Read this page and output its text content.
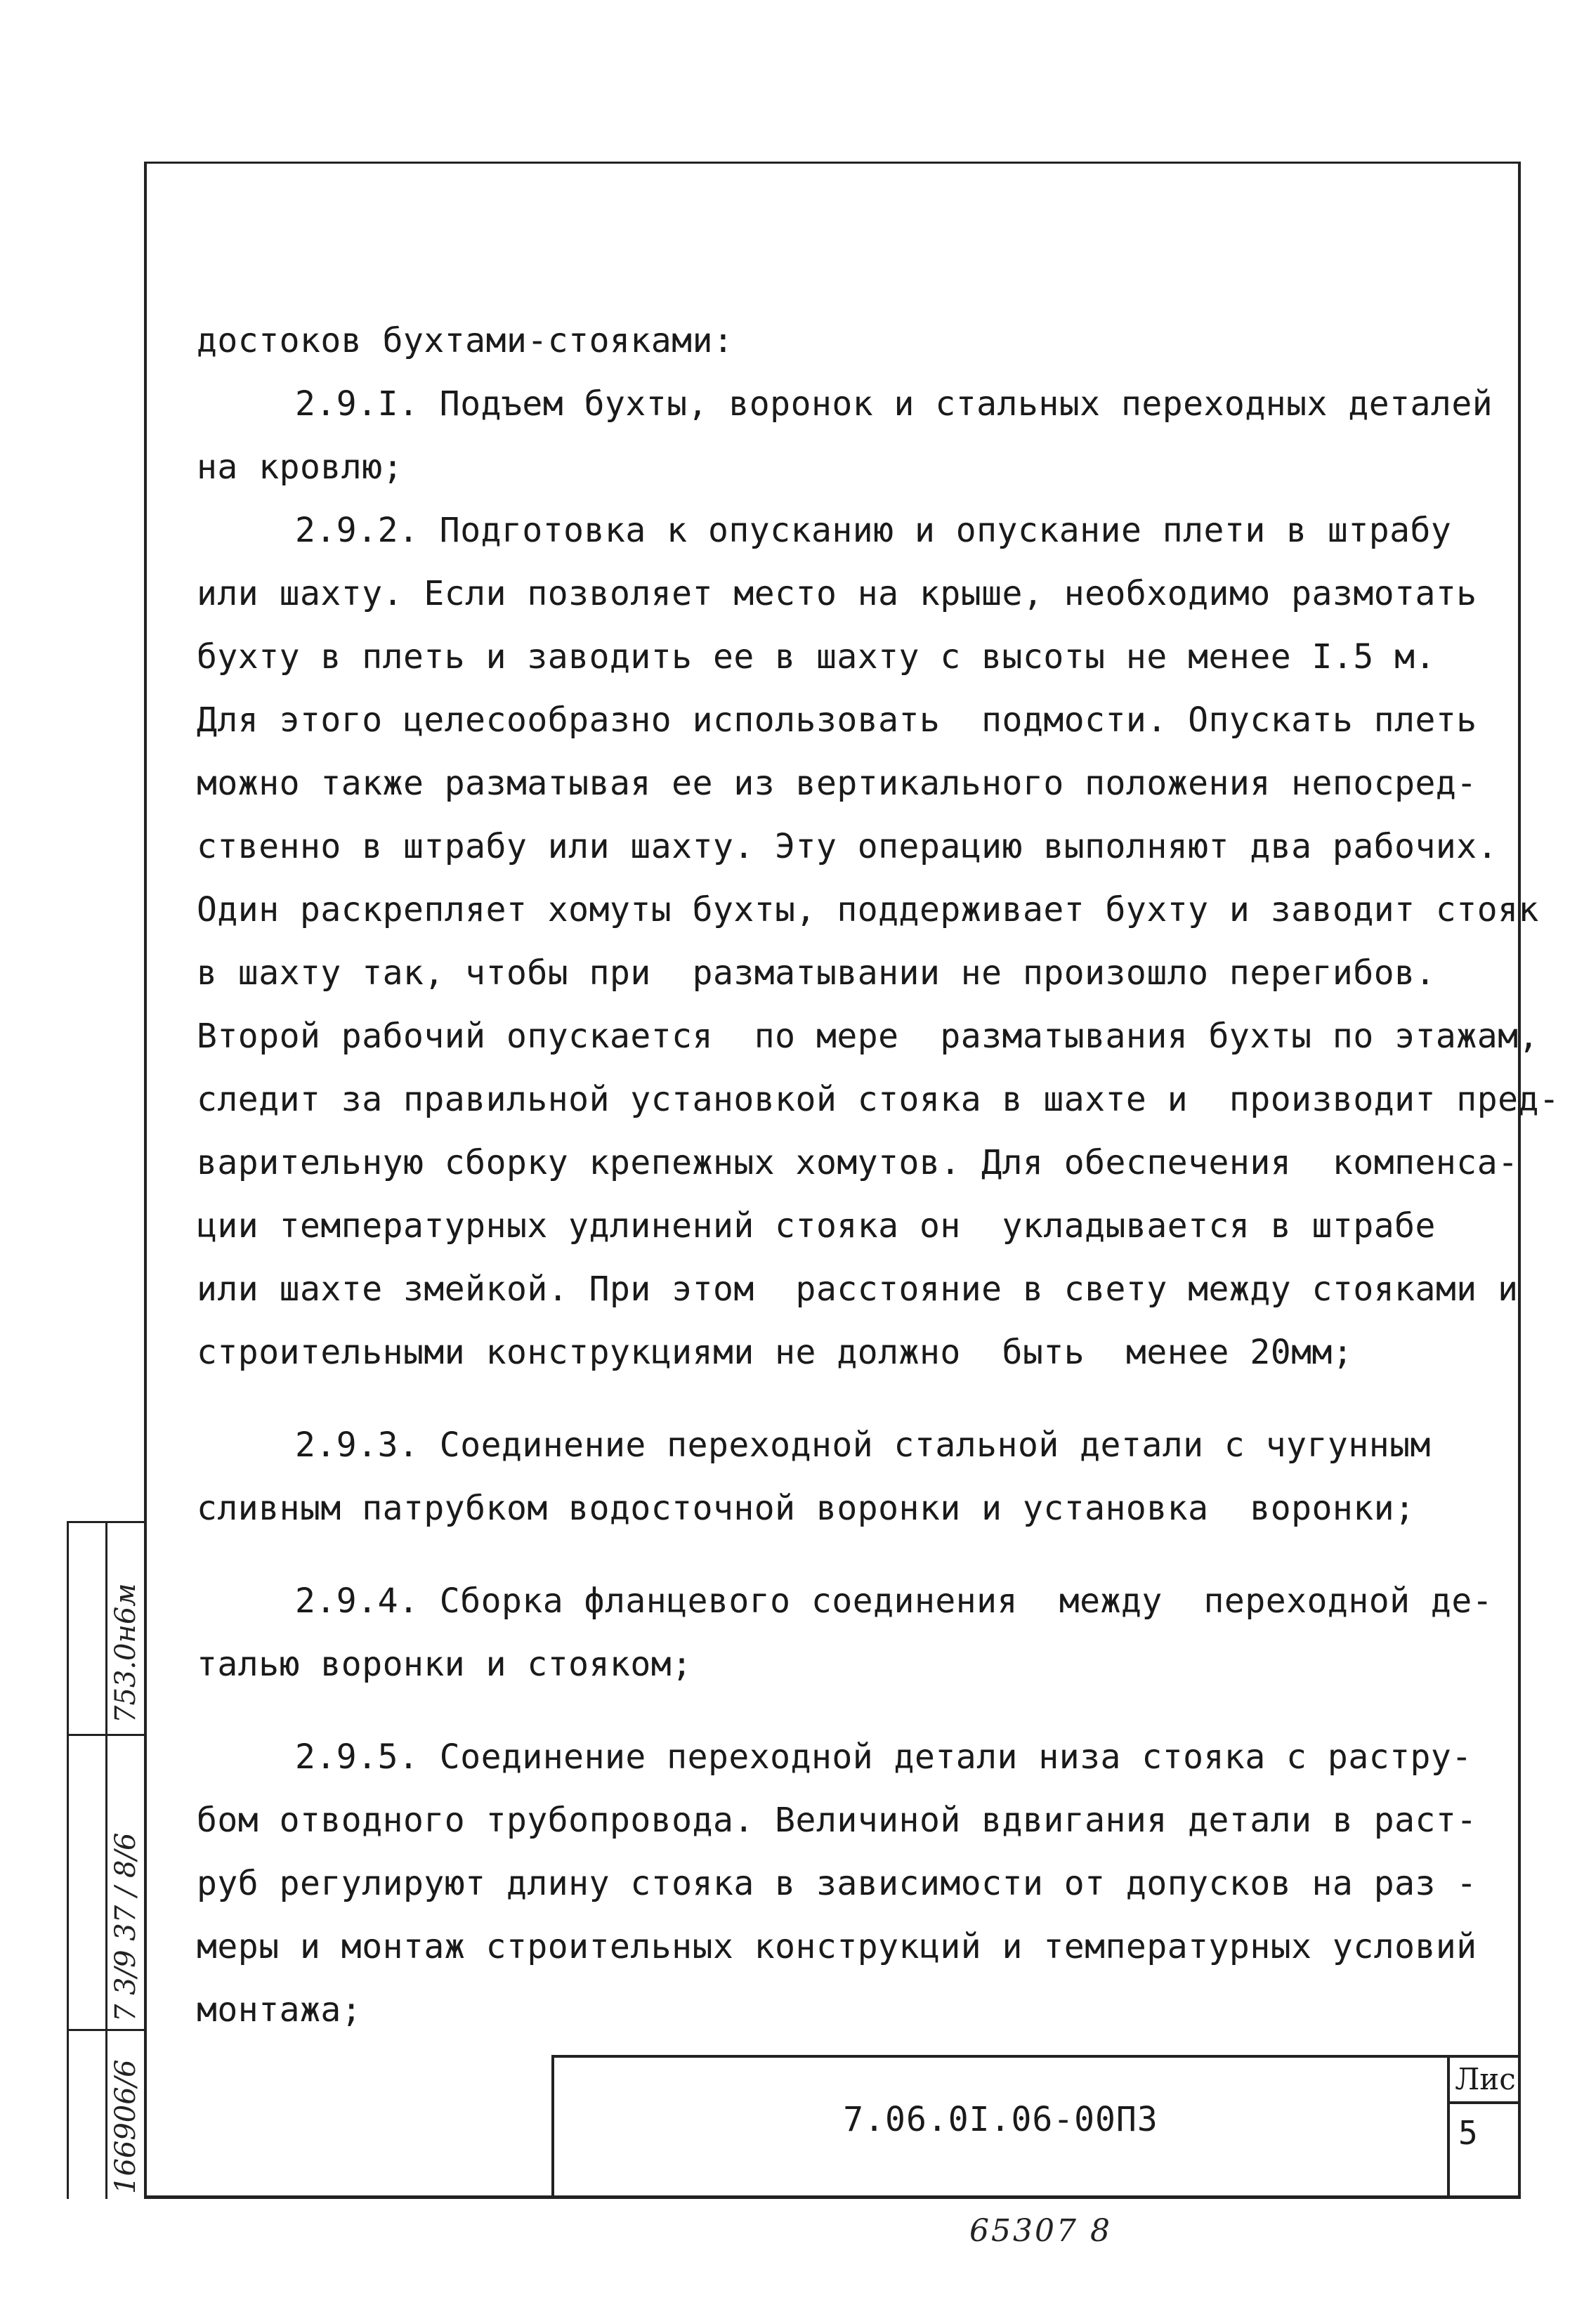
достоков бухтами-стояками:
2.9.I. Подъем бухты, воронок и стальных переходных деталей
на кровлю;
2.9.2. Подготовка к опусканию и опускание плети в штрабу
или шахту. Если позволяет место на крыше, необходимо размотать
бухту в плеть и заводить ее в шахту с высоты не менее I.5 м.
Для этого целесообразно использовать  подмости. Опускать плеть
можно также разматывая ее из вертикального положения непосред-
ственно в штрабу или шахту. Эту операцию выполняют два рабочих.
Один раскрепляет хомуты бухты, поддерживает бухту и заводит стояк
в шахту так, чтобы при  разматывании не произошло перегибов.
Второй рабочий опускается  по мере  разматывания бухты по этажам,
следит за правильной установкой стояка в шахте и  производит пред-
варительную сборку крепежных хомутов. Для обеспечения  компенса-
ции температурных удлинений стояка он  укладывается в штрабе
или шахте змейкой. При этом  расстояние в свету между стояками и
строительными конструкциями не должно  быть  менее 20мм;
2.9.3. Соединение переходной стальной детали с чугунным
сливным патрубком водосточной воронки и установка  воронки;
2.9.4. Сборка фланцевого соединения  между  переходной де-
талью воронки и стояком;
2.9.5. Соединение переходной детали низа стояка с растру-
бом отводного трубопровода. Величиной вдвигания детали в раст-
руб регулируют длину стояка в зависимости от допусков на раз -
меры и монтаж строительных конструкций и температурных условий
монтажа;
7.06.0I.06-00ПЗ
Лис
5
753.0н6м
7 3/9 37 / 8/6
166906/6
65307 8
